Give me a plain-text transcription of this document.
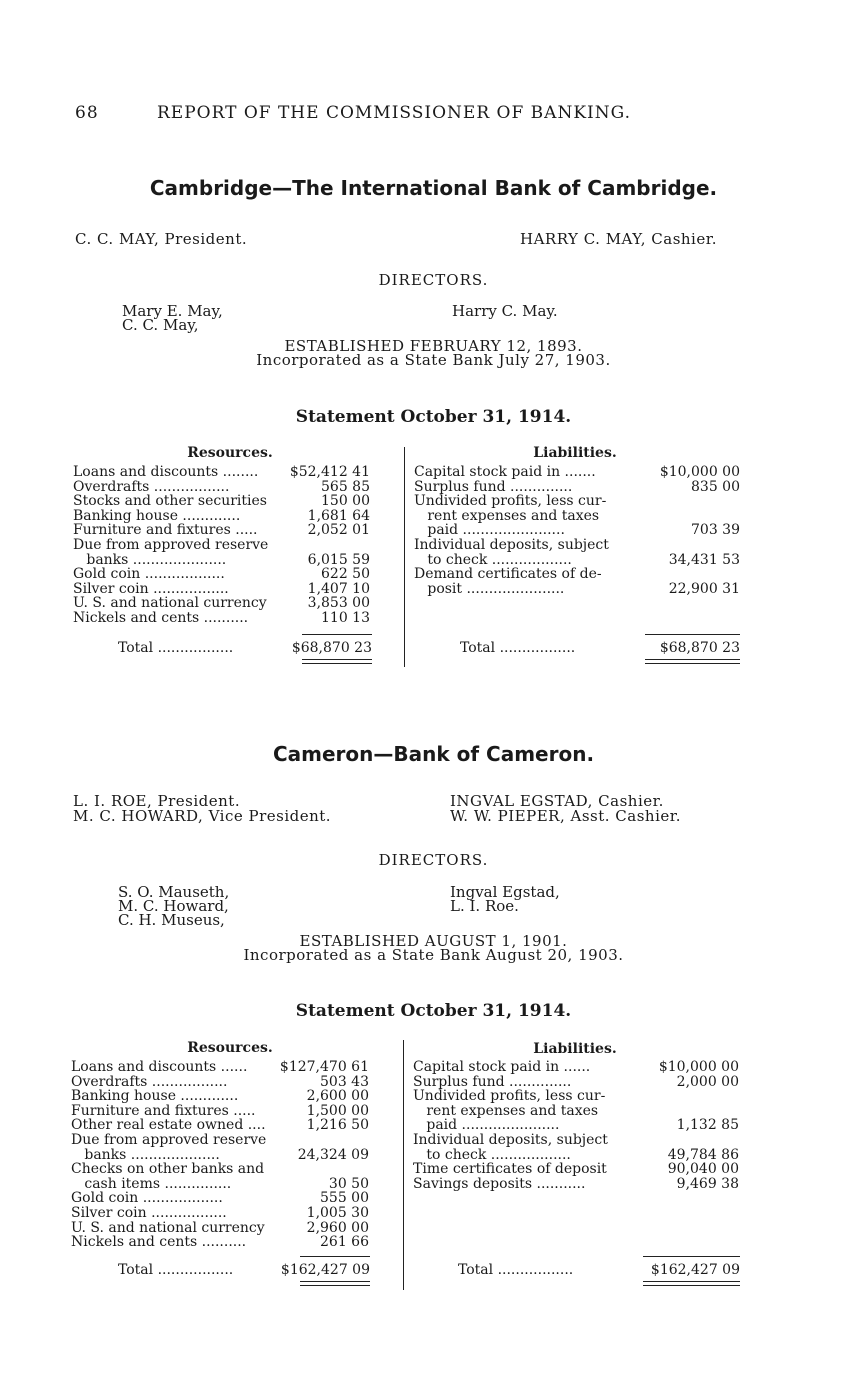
68	REPORT OF THE COMMISSIONER OF BANKING.
Cambridge—The International Bank of Cambridge.
C. C. MAY, President.	HARRY C. MAY, Cashier.
DIRECTORS.
Mary E. May,
C. C. May,
Harry C. May.
ESTABLISHED FEBRUARY 12, 1893.
Incorporated as a State Bank July 27, 1903.
Statement October 31, 1914.
Resources.	Liabilities.
Loans and discounts ........ $52,412 41
Overdrafts .................	565 85
Stocks and other securities	150 00
Banking house .............	1,681 64
Furniture and fixtures .....	2,052 01
Due from approved reserve
banks .....................	6,015 59
Gold coin ..................	622 50
Silver coin .................	1,407 10
U. S. and national currency	3,853 00
Nickels and cents ..........	110 13
Capital stock paid in .......	$10,000 00
Surplus fund ..............	835 00
Undivided profits, less cur-
rent expenses and taxes
paid .......................	703 39
Individual deposits, subject
to check ..................	34,431 53
Demand certificates of de-
posit ......................	22,900 31
Total .................	$68,870 23	Total .................	$68,870 23
Cameron—Bank of Cameron.
L. I. ROE, President.
M. C. HOWARD, Vice President.
INGVAL EGSTAD, Cashier.
W. W. PIEPER, Asst. Cashier.
DIRECTORS.
S. O. Mauseth,
M. C. Howard,
C. H. Museus,
Ingval Egstad,
L. I. Roe.
ESTABLISHED AUGUST 1, 1901.
Incorporated as a State Bank August 20, 1903.
Statement October 31, 1914.
Resources.	Liabilities.
Loans and discounts ...... $127,470 61
Overdrafts .................	503 43
Banking house .............	2,600 00
Furniture and fixtures .....	1,500 00
Other real estate owned ....	1,216 50
Due from approved reserve
banks ....................	24,324 09
Checks on other banks and
cash items ...............	30 50
Gold coin ..................	555 00
Silver coin .................	1,005 30
U. S. and national currency	2,960 00
Nickels and cents ..........	261 66
Capital stock paid in ......	$10,000 00
Surplus fund ..............	2,000 00
Undivided profits, less cur-
rent expenses and taxes
paid ......................	1,132 85
Individual deposits, subject
to check ..................	49,784 86
Time certificates of deposit	90,040 00
Savings deposits ...........	9,469 38
Total .................	$162,427 09	Total .................	$162,427 09
